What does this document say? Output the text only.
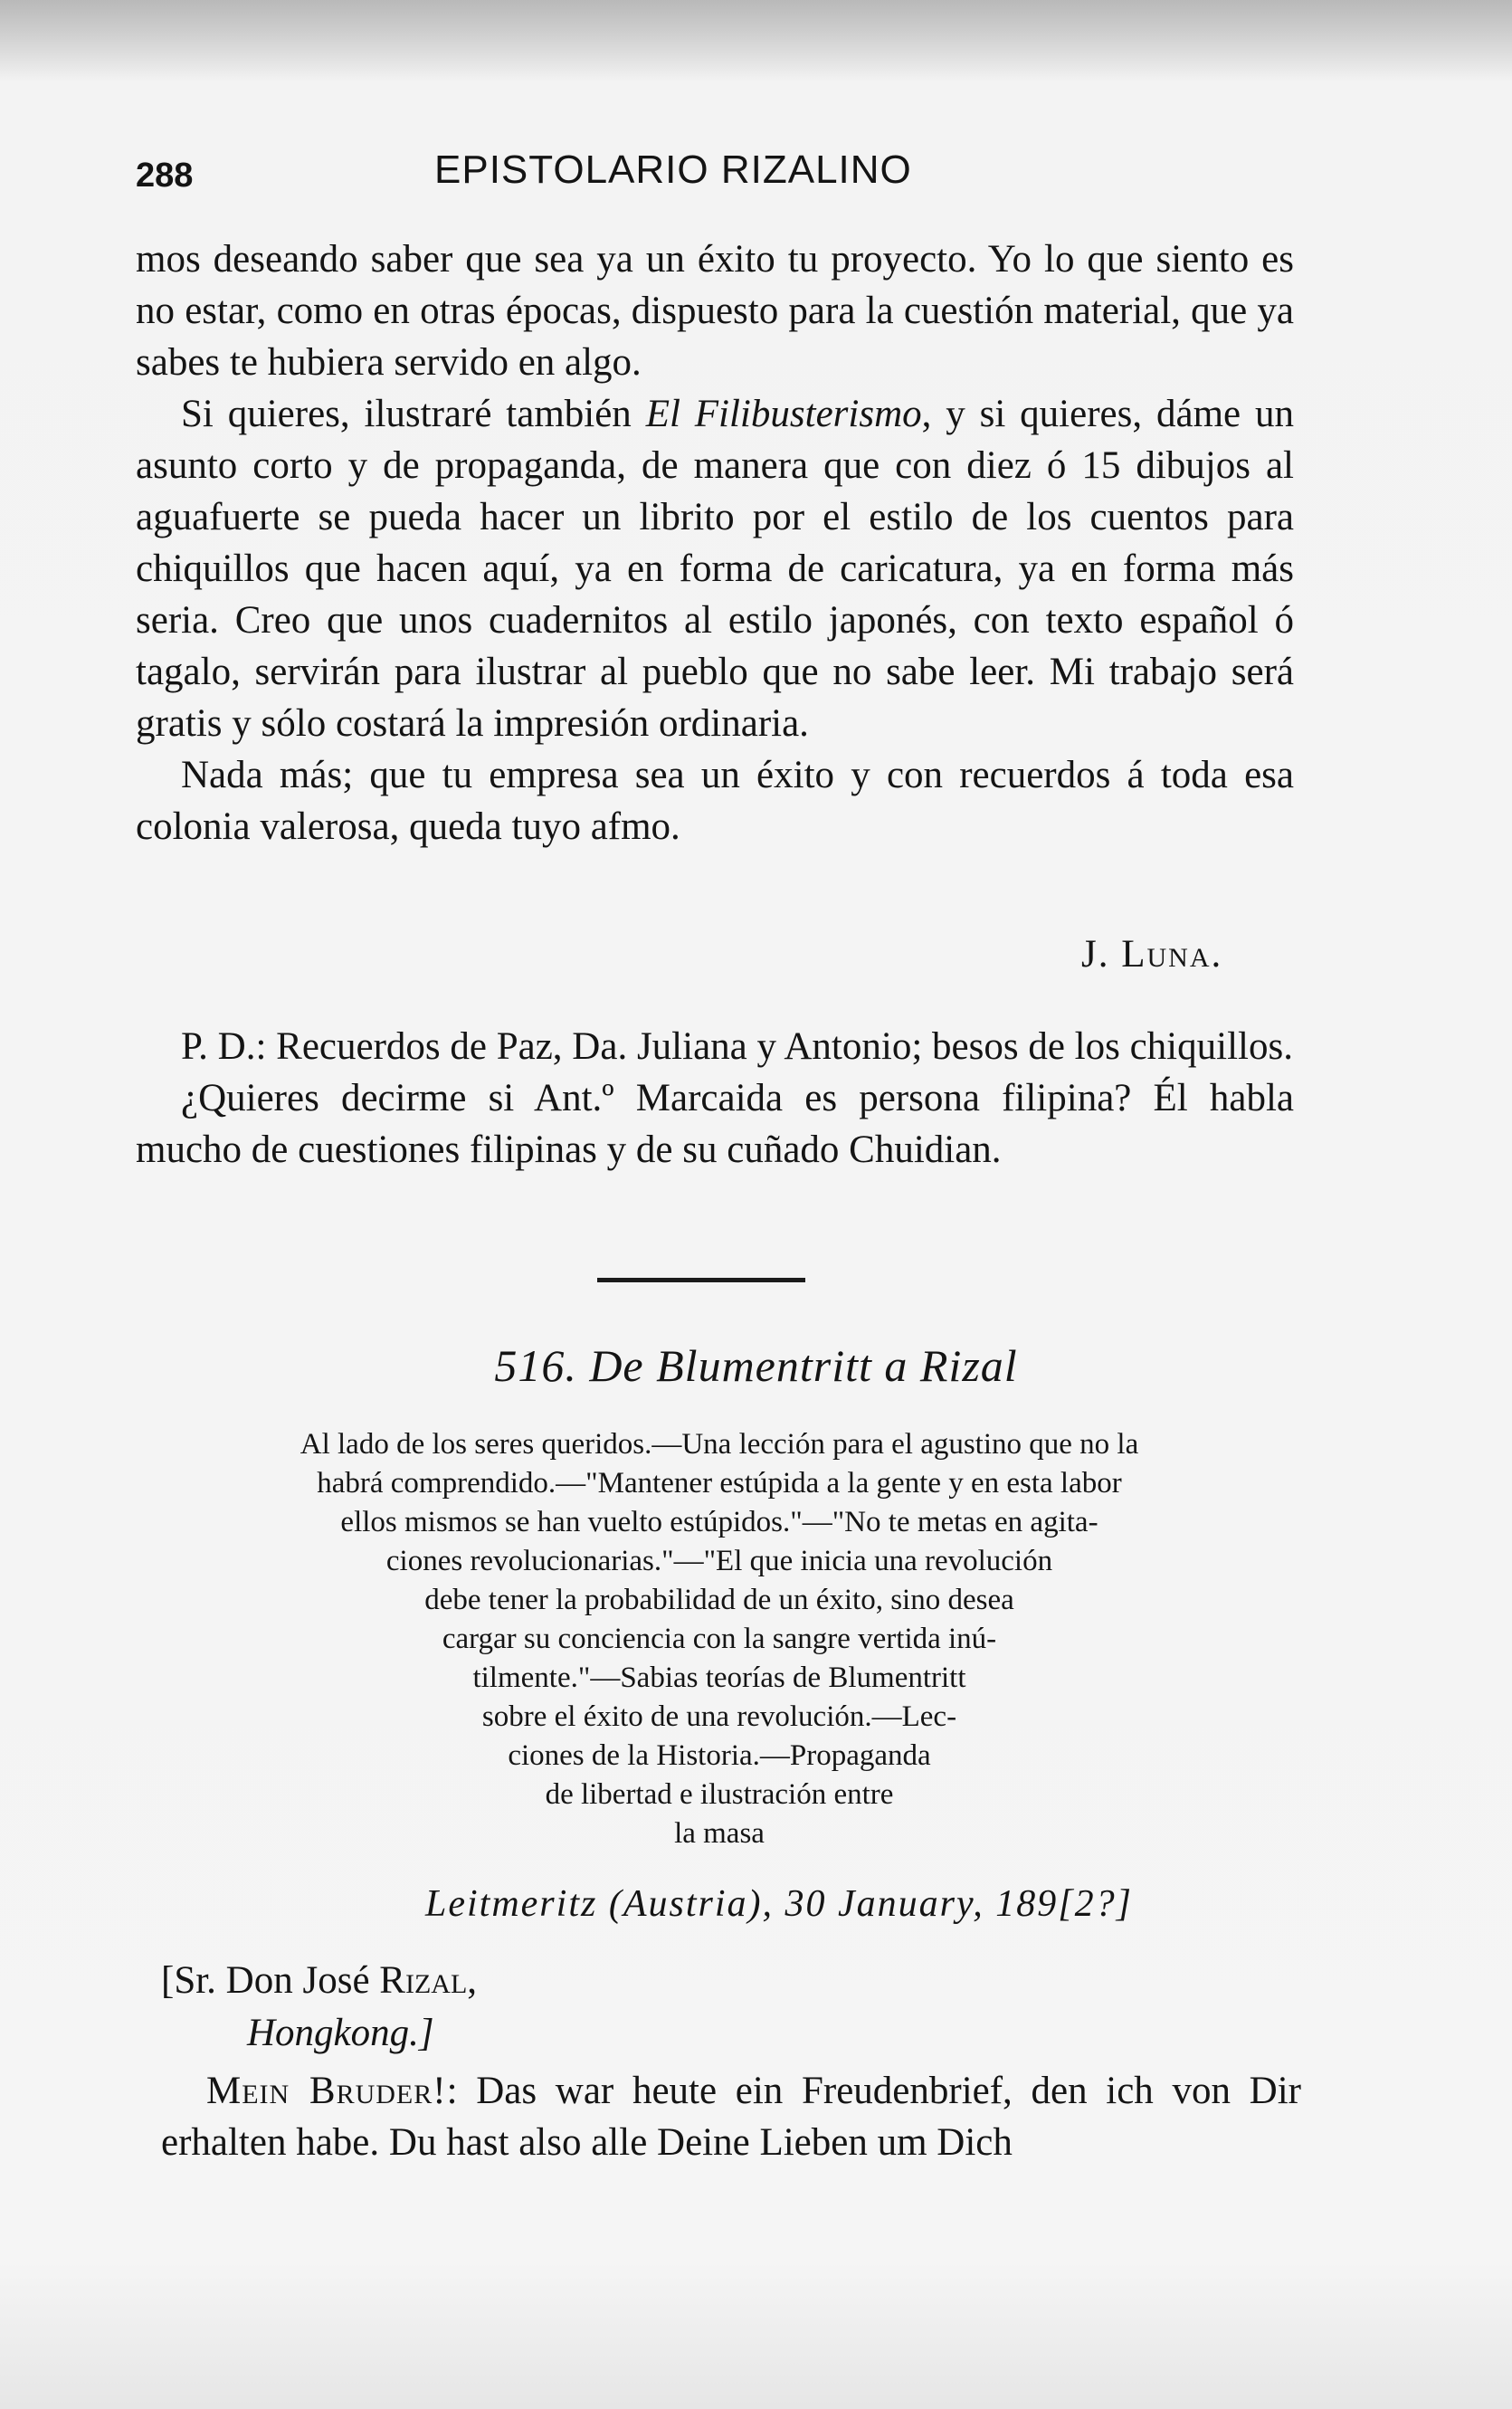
288	EPISTOLARIO RIZALINO

mos deseando saber que sea ya un éxito tu proyecto. Yo lo que siento es no estar, como en otras épocas, dispuesto para la cuestión material, que ya sabes te hubiera servido en algo.

Si quieres, ilustraré también El Filibusterismo, y si quieres, dáme un asunto corto y de propaganda, de manera que con diez ó 15 dibujos al aguafuerte se pueda hacer un librito por el estilo de los cuentos para chiquillos que hacen aquí, ya en forma de caricatura, ya en forma más seria. Creo que unos cuadernitos al estilo japonés, con texto español ó tagalo, servirán para ilustrar al pueblo que no sabe leer. Mi trabajo será gratis y sólo costará la impresión ordinaria.

Nada más; que tu empresa sea un éxito y con recuerdos á toda esa colonia valerosa, queda tuyo afmo.

J. Luna.

P. D.: Recuerdos de Paz, Da. Juliana y Antonio; besos de los chiquillos.

¿Quieres decirme si Ant.º Marcaida es persona filipina? Él habla mucho de cuestiones filipinas y de su cuñado Chuidian.

516. De Blumentritt a Rizal
Al lado de los seres queridos.—Una lección para el agustino que no la
habrá comprendido.—"Mantener estúpida a la gente y en esta labor
ellos mismos se han vuelto estúpidos."—"No te metas en agita-
ciones revolucionarias."—"El que inicia una revolución
debe tener la probabilidad de un éxito, sino desea
cargar su conciencia con la sangre vertida inú-
tilmente."—Sabias teorías de Blumentritt
sobre el éxito de una revolución.—Lec-
ciones de la Historia.—Propaganda
de libertad e ilustración entre
la masa
Leitmeritz (Austria), 30 January, 189[2?]
[Sr. Don José Rizal,
Hongkong.]

Mein Bruder!: Das war heute ein Freudenbrief, den ich von Dir erhalten habe. Du hast also alle Deine Lieben um Dich
